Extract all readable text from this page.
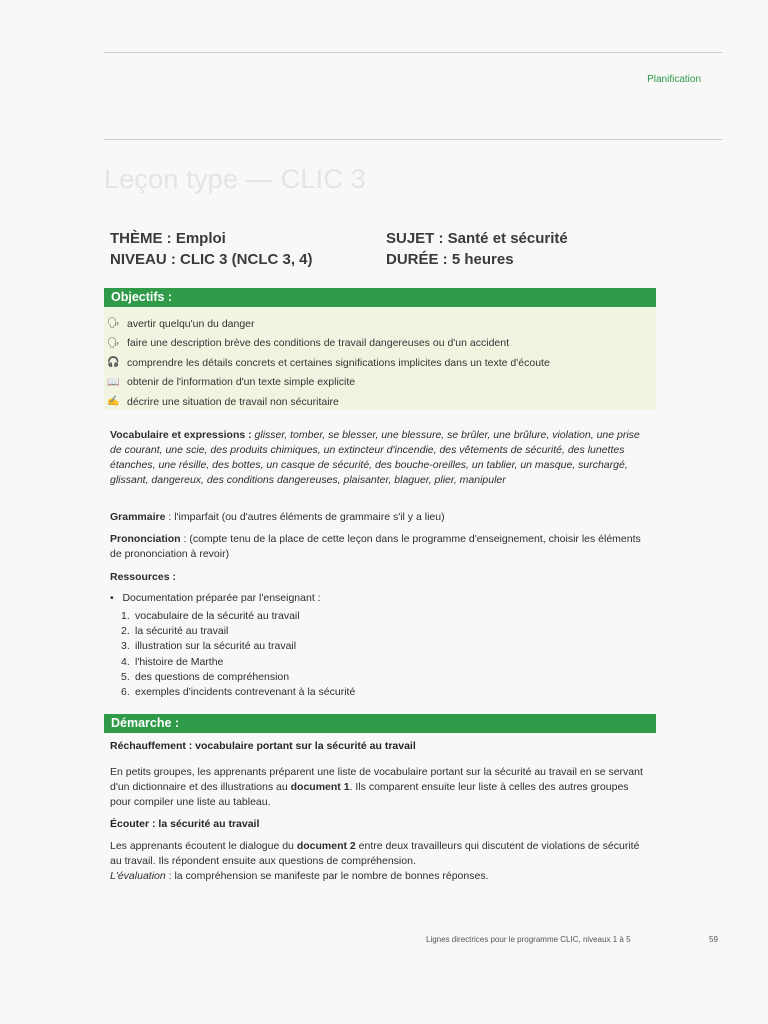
Planification
Leçon type — CLIC 3
THÈME : Emploi	SUJET : Santé et sécurité
NIVEAU : CLIC 3 (NCLC 3, 4)	DURÉE : 5 heures
Objectifs :
🗣 avertir quelqu'un du danger
🗣 faire une description brève des conditions de travail dangereuses ou d'un accident
🎧 comprendre les détails concrets et certaines significations implicites dans un texte d'écoute
📖 obtenir de l'information d'un texte simple explicite
✍ décrire une situation de travail non sécuritaire
Vocabulaire et expressions : glisser, tomber, se blesser, une blessure, se brûler, une brûlure, violation, une prise de courant, une scie, des produits chimiques, un extincteur d'incendie, des vêtements de sécurité, des lunettes étanches, une résille, des bottes, un casque de sécurité, des bouche-oreilles, un tablier, un masque, surchargé, glissant, dangereux, des conditions dangereuses, plaisanter, blaguer, plier, manipuler
Grammaire : l'imparfait (ou d'autres éléments de grammaire s'il y a lieu)
Prononciation : (compte tenu de la place de cette leçon dans le programme d'enseignement, choisir les éléments de prononciation à revoir)
Ressources :
•   Documentation préparée par l'enseignant :
1. vocabulaire de la sécurité au travail
2. la sécurité au travail
3. illustration sur la sécurité au travail
4. l'histoire de Marthe
5. des questions de compréhension
6. exemples d'incidents contrevenant à la sécurité
Démarche :
Réchauffement : vocabulaire portant sur la sécurité au travail
En petits groupes, les apprenants préparent une liste de vocabulaire portant sur la sécurité au travail en se servant d'un dictionnaire et des illustrations au document 1. Ils comparent ensuite leur liste à celles des autres groupes pour compiler une liste au tableau.
Écouter : la sécurité au travail
Les apprenants écoutent le dialogue du document 2 entre deux travailleurs qui discutent de violations de sécurité au travail. Ils répondent ensuite aux questions de compréhension.
L'évaluation : la compréhension se manifeste par le nombre de bonnes réponses.
Lignes directrices pour le programme CLIC, niveaux 1 à 5	59
